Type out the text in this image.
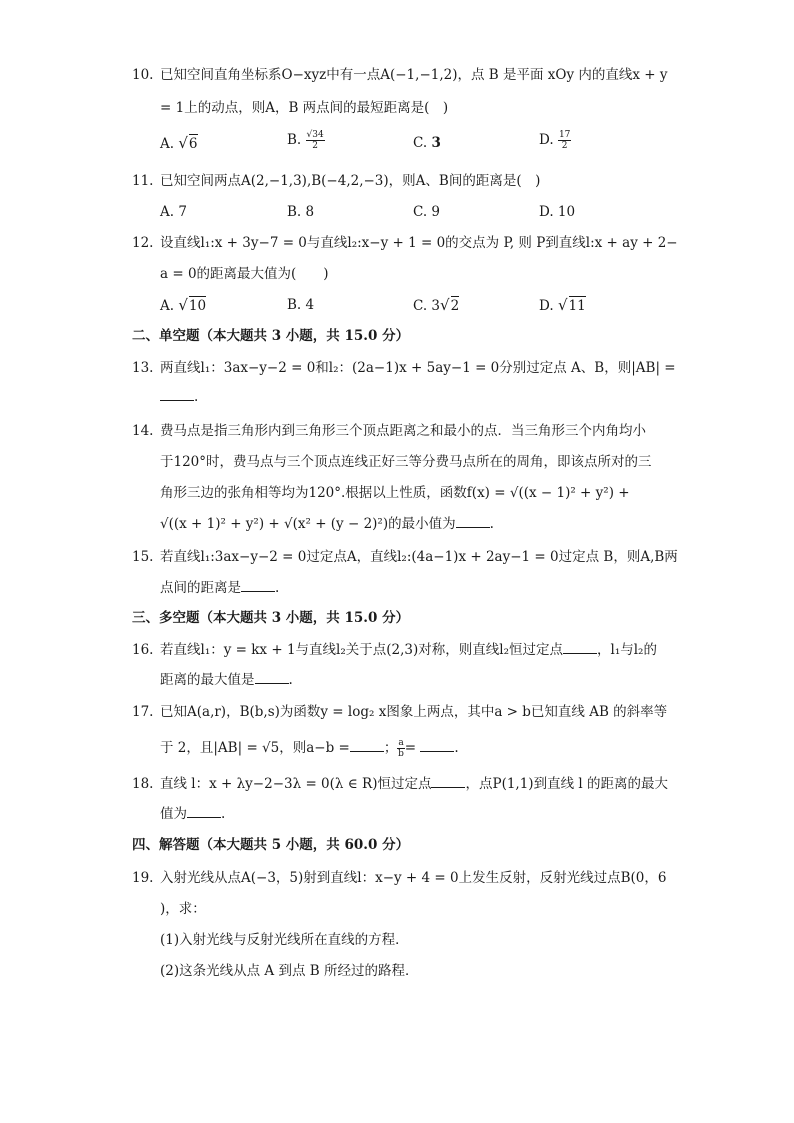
10. 已知空间直角坐标系O−xyz中有一点A(−1,−1,2)，点 B 是平面 xOy 内的直线x + y
= 1上的动点，则A，B 两点间的最短距离是(　)
A. √6	B. $\frac{√34}{2}$	C. 3	D. $\frac{17}{2}$
11. 已知空间两点A(2,−1,3),B(−4,2,−3)，则A、B间的距离是(　)
A. 7	B. 8	C. 9	D. 10
12. 设直线l₁:x + 3y−7 = 0与直线l₂:x−y + 1 = 0的交点为 P, 则 P到直线l:x + ay + 2−
a = 0的距离最大值为(　　)
A. √10	B. 4	C. 3√2	D. √11
二、单空题（本大题共 3 小题，共 15.0 分）
13. 两直线l₁：3ax−y−2 = 0和l₂：(2a−1)x + 5ay−1 = 0分别过定点 A、B，则|AB| =
.
14. 费马点是指三角形内到三角形三个顶点距离之和最小的点．当三角形三个内角均小
于120°时，费马点与三个顶点连线正好三等分费马点所在的周角，即该点所对的三
角形三边的张角相等均为120°.根据以上性质，函数f(x) = √((x − 1)² + y²) +
√((x + 1)² + y²) + √(x² + (y − 2)²)的最小值为	.
15. 若直线l₁:3ax−y−2 = 0过定点A，直线l₂:(4a−1)x + 2ay−1 = 0过定点 B，则A,B两
点间的距离是	.
三、多空题（本大题共 3 小题，共 15.0 分）
16. 若直线l₁：y = kx + 1与直线l₂关于点(2,3)对称，则直线l₂恒过定点	，l₁与l₂的
距离的最大值是	.
17. 已知A(a,r)，B(b,s)为函数y = log₂ x图象上两点，其中a > b已知直线 AB 的斜率等
于 2，且|AB| = √5，则a−b =	； $\frac{a}{b}$ =	.
18. 直线 l：x + λy−2−3λ = 0(λ ∈ R)恒过定点	，点P(1,1)到直线 l 的距离的最大
值为	.
四、解答题（本大题共 5 小题，共 60.0 分）
19. 入射光线从点A(−3，5)射到直线l：x−y + 4 = 0上发生反射，反射光线过点B(0，6
)，求：
(1)入射光线与反射光线所在直线的方程．
(2)这条光线从点 A 到点 B 所经过的路程．
